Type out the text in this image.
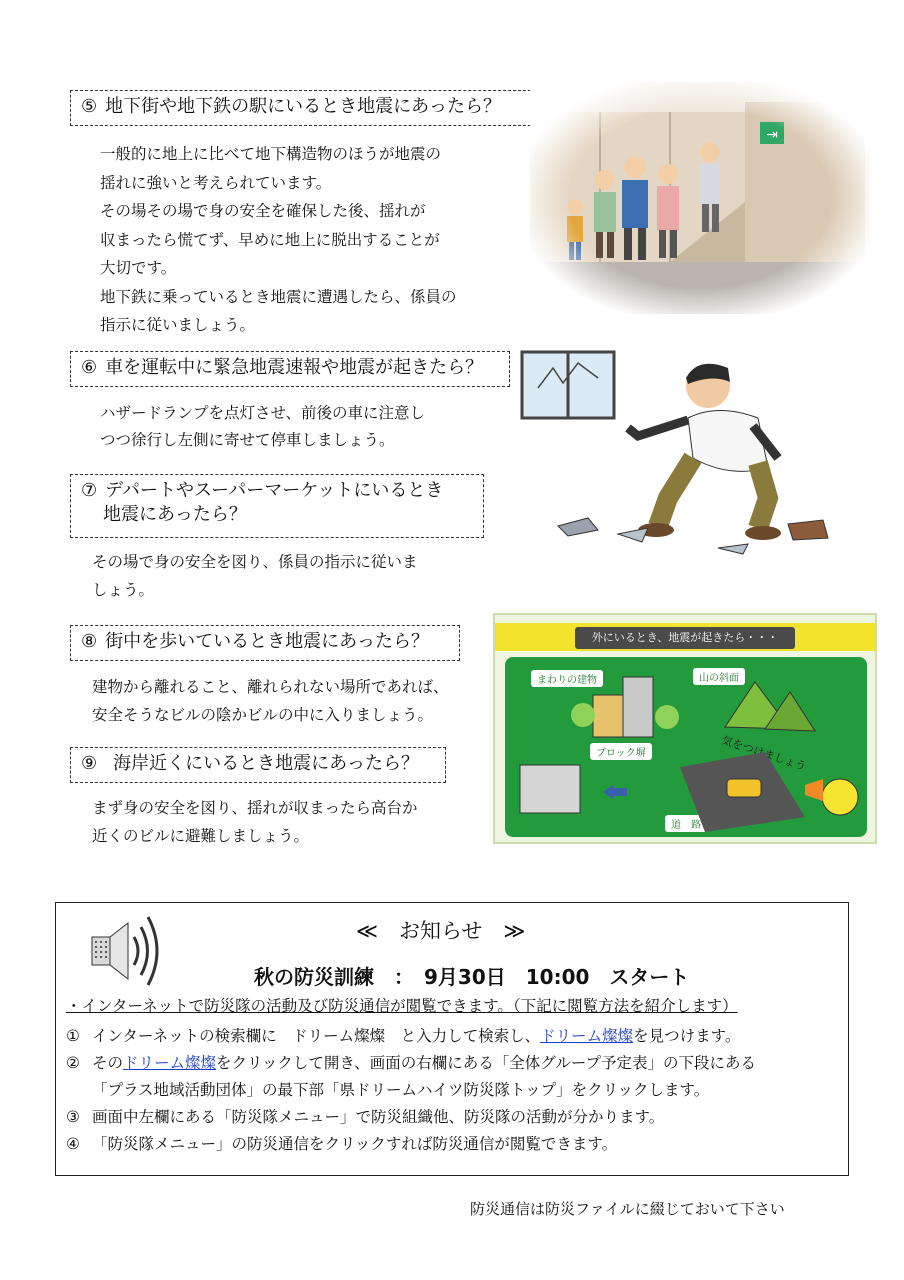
⑤ 地下街や地下鉄の駅にいるとき地震にあったら？
一般的に地上に比べて地下構造物のほうが地震の
揺れに強いと考えられています。
その場その場で身の安全を確保した後、揺れが
収まったら慌てず、早めに地上に脱出することが
大切です。
地下鉄に乗っているとき地震に遭遇したら、係員の
指示に従いましょう。
⑥ 車を運転中に緊急地震速報や地震が起きたら？
ハザードランプを点灯させ、前後の車に注意し
つつ徐行し左側に寄せて停車しましょう。
⑦ デパートやスーパーマーケットにいるとき
地震にあったら？
その場で身の安全を図り、係員の指示に従いま
しょう。
⑧ 街中を歩いているとき地震にあったら？
建物から離れること、離れられない場所であれば、
安全そうなビルの陰かビルの中に入りましょう。
⑨ 海岸近くにいるとき地震にあったら？
まず身の安全を図り、揺れが収まったら高台か
近くのビルに避難しましょう。
外にいるとき、地震が起きたら・・・
まわりの建物	山の斜面
ブロック塀
道　路
≪　お知らせ　≫
秋の防災訓練　：　9月30日　10:00　スタート
・インターネットで防災隊の活動及び防災通信が閲覧できます。（下記に閲覧方法を紹介します）
① インターネットの検索欄に　ドリーム燦燦　と入力して検索し、ドリーム燦燦を見つけます。
② そのドリーム燦燦をクリックして開き、画面の右欄にある「全体グループ予定表」の下段にある
「プラス地域活動団体」の最下部「県ドリームハイツ防災隊トップ」をクリックします。
③ 画面中左欄にある「防災隊メニュー」で防災組織他、防災隊の活動が分かります。
④ 「防災隊メニュー」の防災通信をクリックすれば防災通信が閲覧できます。
防災通信は防災ファイルに綴じておいて下さい
